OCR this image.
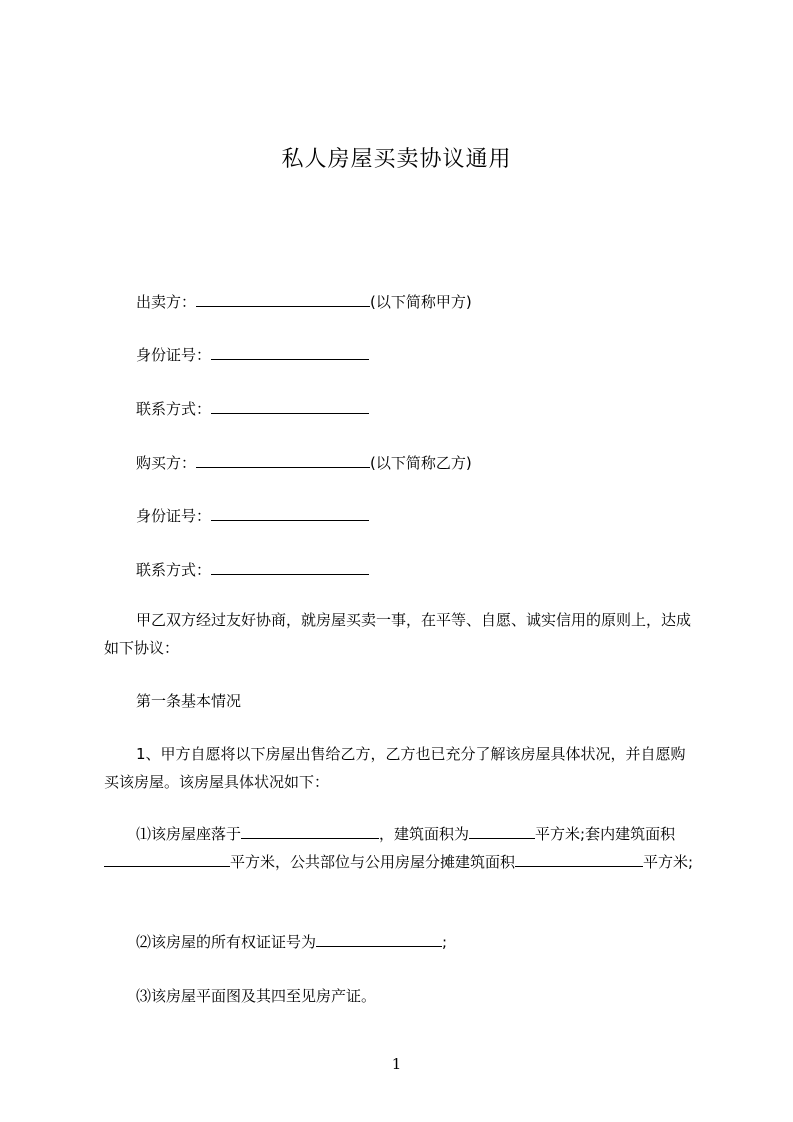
私人房屋买卖协议通用
出卖方：	(以下简称甲方)
身份证号：
联系方式：
购买方：	(以下简称乙方)
身份证号：
联系方式：
甲乙双方经过友好协商，就房屋买卖一事，在平等、自愿、诚实信用的原则上，达成如下协议：
第一条基本情况
1、甲方自愿将以下房屋出售给乙方，乙方也已充分了解该房屋具体状况，并自愿购买该房屋。该房屋具体状况如下：
⑴该房屋座落于	，建筑面积为	平方米;套内建筑面积平方米，公共部位与公用房屋分摊建筑面积	平方米;
⑵该房屋的所有权证证号为	;
⑶该房屋平面图及其四至见房产证。
1
